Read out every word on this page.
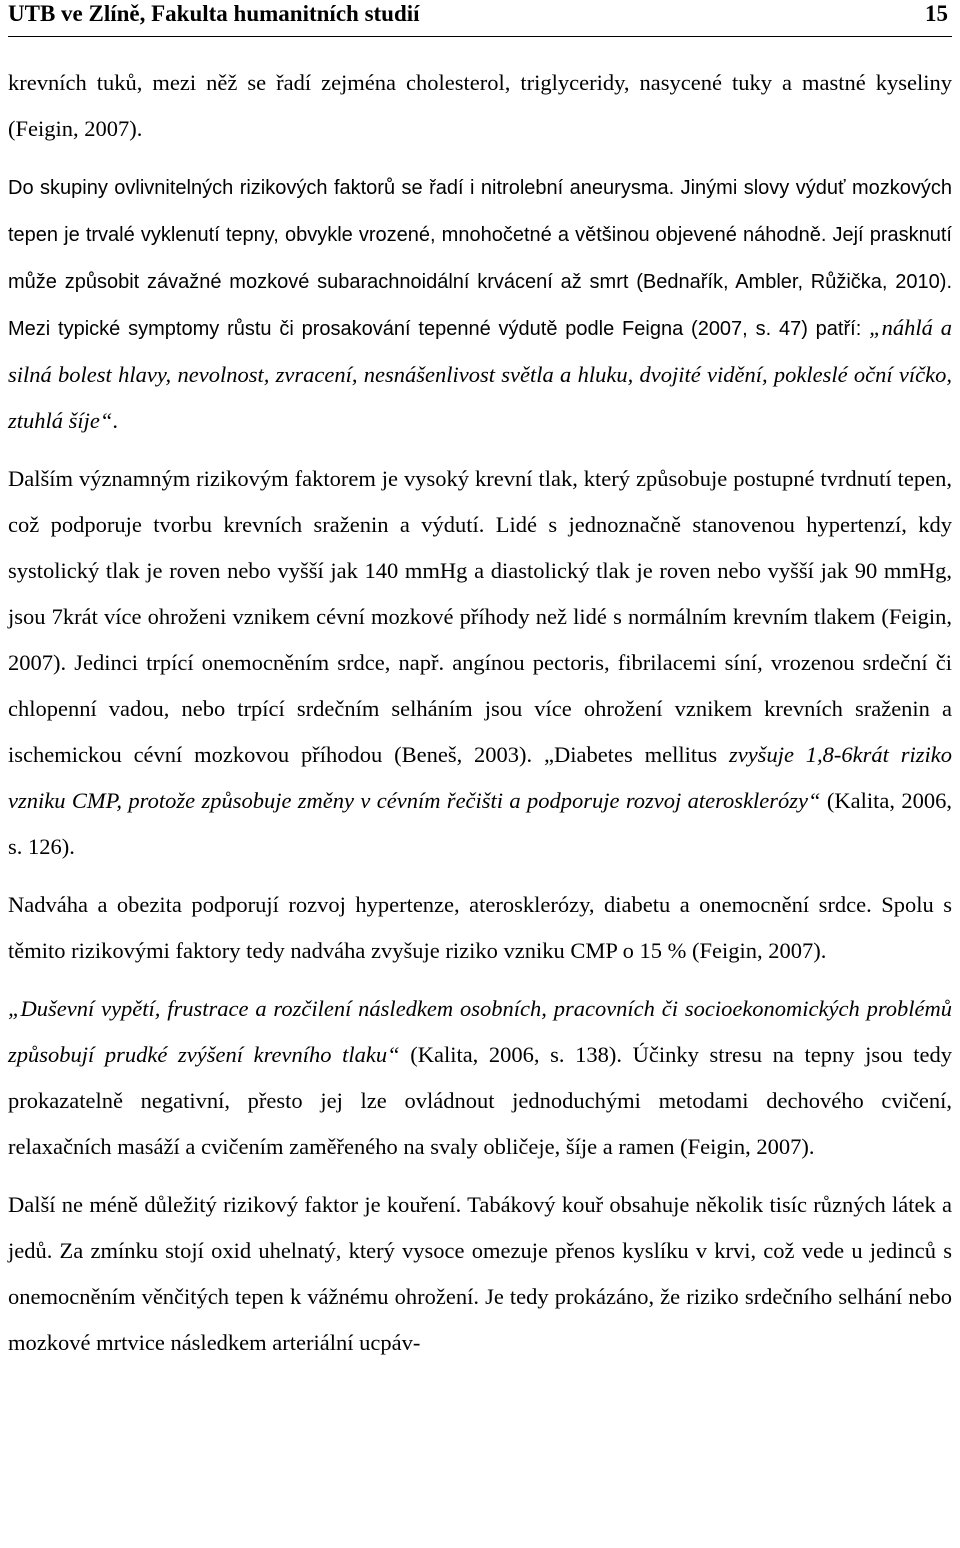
UTB ve Zlíně, Fakulta humanitních studií	15

krevních tuků, mezi něž se řadí zejména cholesterol, triglyceridy, nasycené tuky a mastné kyseliny (Feigin, 2007).

Do skupiny ovlivnitelných rizikových faktorů se řadí i nitrolební aneurysma. Jinými slovy výduť mozkových tepen je trvalé vyklenutí tepny, obvykle vrozené, mnohočetné a většinou objevené náhodně. Její prasknutí může způsobit závažné mozkové subarachnoidální krvácení až smrt (Bednařík, Ambler, Růžička, 2010). Mezi typické symptomy růstu či prosakování tepenné výdutě podle Feigna (2007, s. 47) patří: „náhlá a silná bolest hlavy, nevolnost, zvracení, nesnášenlivost světla a hluku, dvojité vidění, pokleslé oční víčko, ztuhlá šíje“.

Dalším významným rizikovým faktorem je vysoký krevní tlak, který způsobuje postupné tvrdnutí tepen, což podporuje tvorbu krevních sraženin a výdutí. Lidé s jednoznačně stanovenou hypertenzí, kdy systolický tlak je roven nebo vyšší jak 140 mmHg a diastolický tlak je roven nebo vyšší jak 90 mmHg, jsou 7krát více ohroženi vznikem cévní mozkové příhody než lidé s normálním krevním tlakem (Feigin, 2007). Jedinci trpící onemocněním srdce, např. angínou pectoris, fibrilacemi síní, vrozenou srdeční či chlopenní vadou, nebo trpící srdečním selháním jsou více ohrožení vznikem krevních sraženin a ischemickou cévní mozkovou příhodou (Beneš, 2003). „Diabetes mellitus zvyšuje 1,8-6krát riziko vzniku CMP, protože způsobuje změny v cévním řečišti a podporuje rozvoj aterosklerózy“ (Kalita, 2006, s. 126).

Nadváha a obezita podporují rozvoj hypertenze, aterosklerózy, diabetu a onemocnění srdce. Spolu s těmito rizikovými faktory tedy nadváha zvyšuje riziko vzniku CMP o 15 % (Feigin, 2007).

„Duševní vypětí, frustrace a rozčilení následkem osobních, pracovních či socioekonomických problémů způsobují prudké zvýšení krevního tlaku“ (Kalita, 2006, s. 138). Účinky stresu na tepny jsou tedy prokazatelně negativní, přesto jej lze ovládnout jednoduchými metodami dechového cvičení, relaxačních masáží a cvičením zaměřeného na svaly obličeje, šíje a ramen (Feigin, 2007).

Další ne méně důležitý rizikový faktor je kouření. Tabákový kouř obsahuje několik tisíc různých látek a jedů. Za zmínku stojí oxid uhelnatý, který vysoce omezuje přenos kyslíku v krvi, což vede u jedinců s onemocněním věnčitých tepen k vážnému ohrožení. Je tedy prokázáno, že riziko srdečního selhání nebo mozkové mrtvice následkem arteriální ucpáv-
